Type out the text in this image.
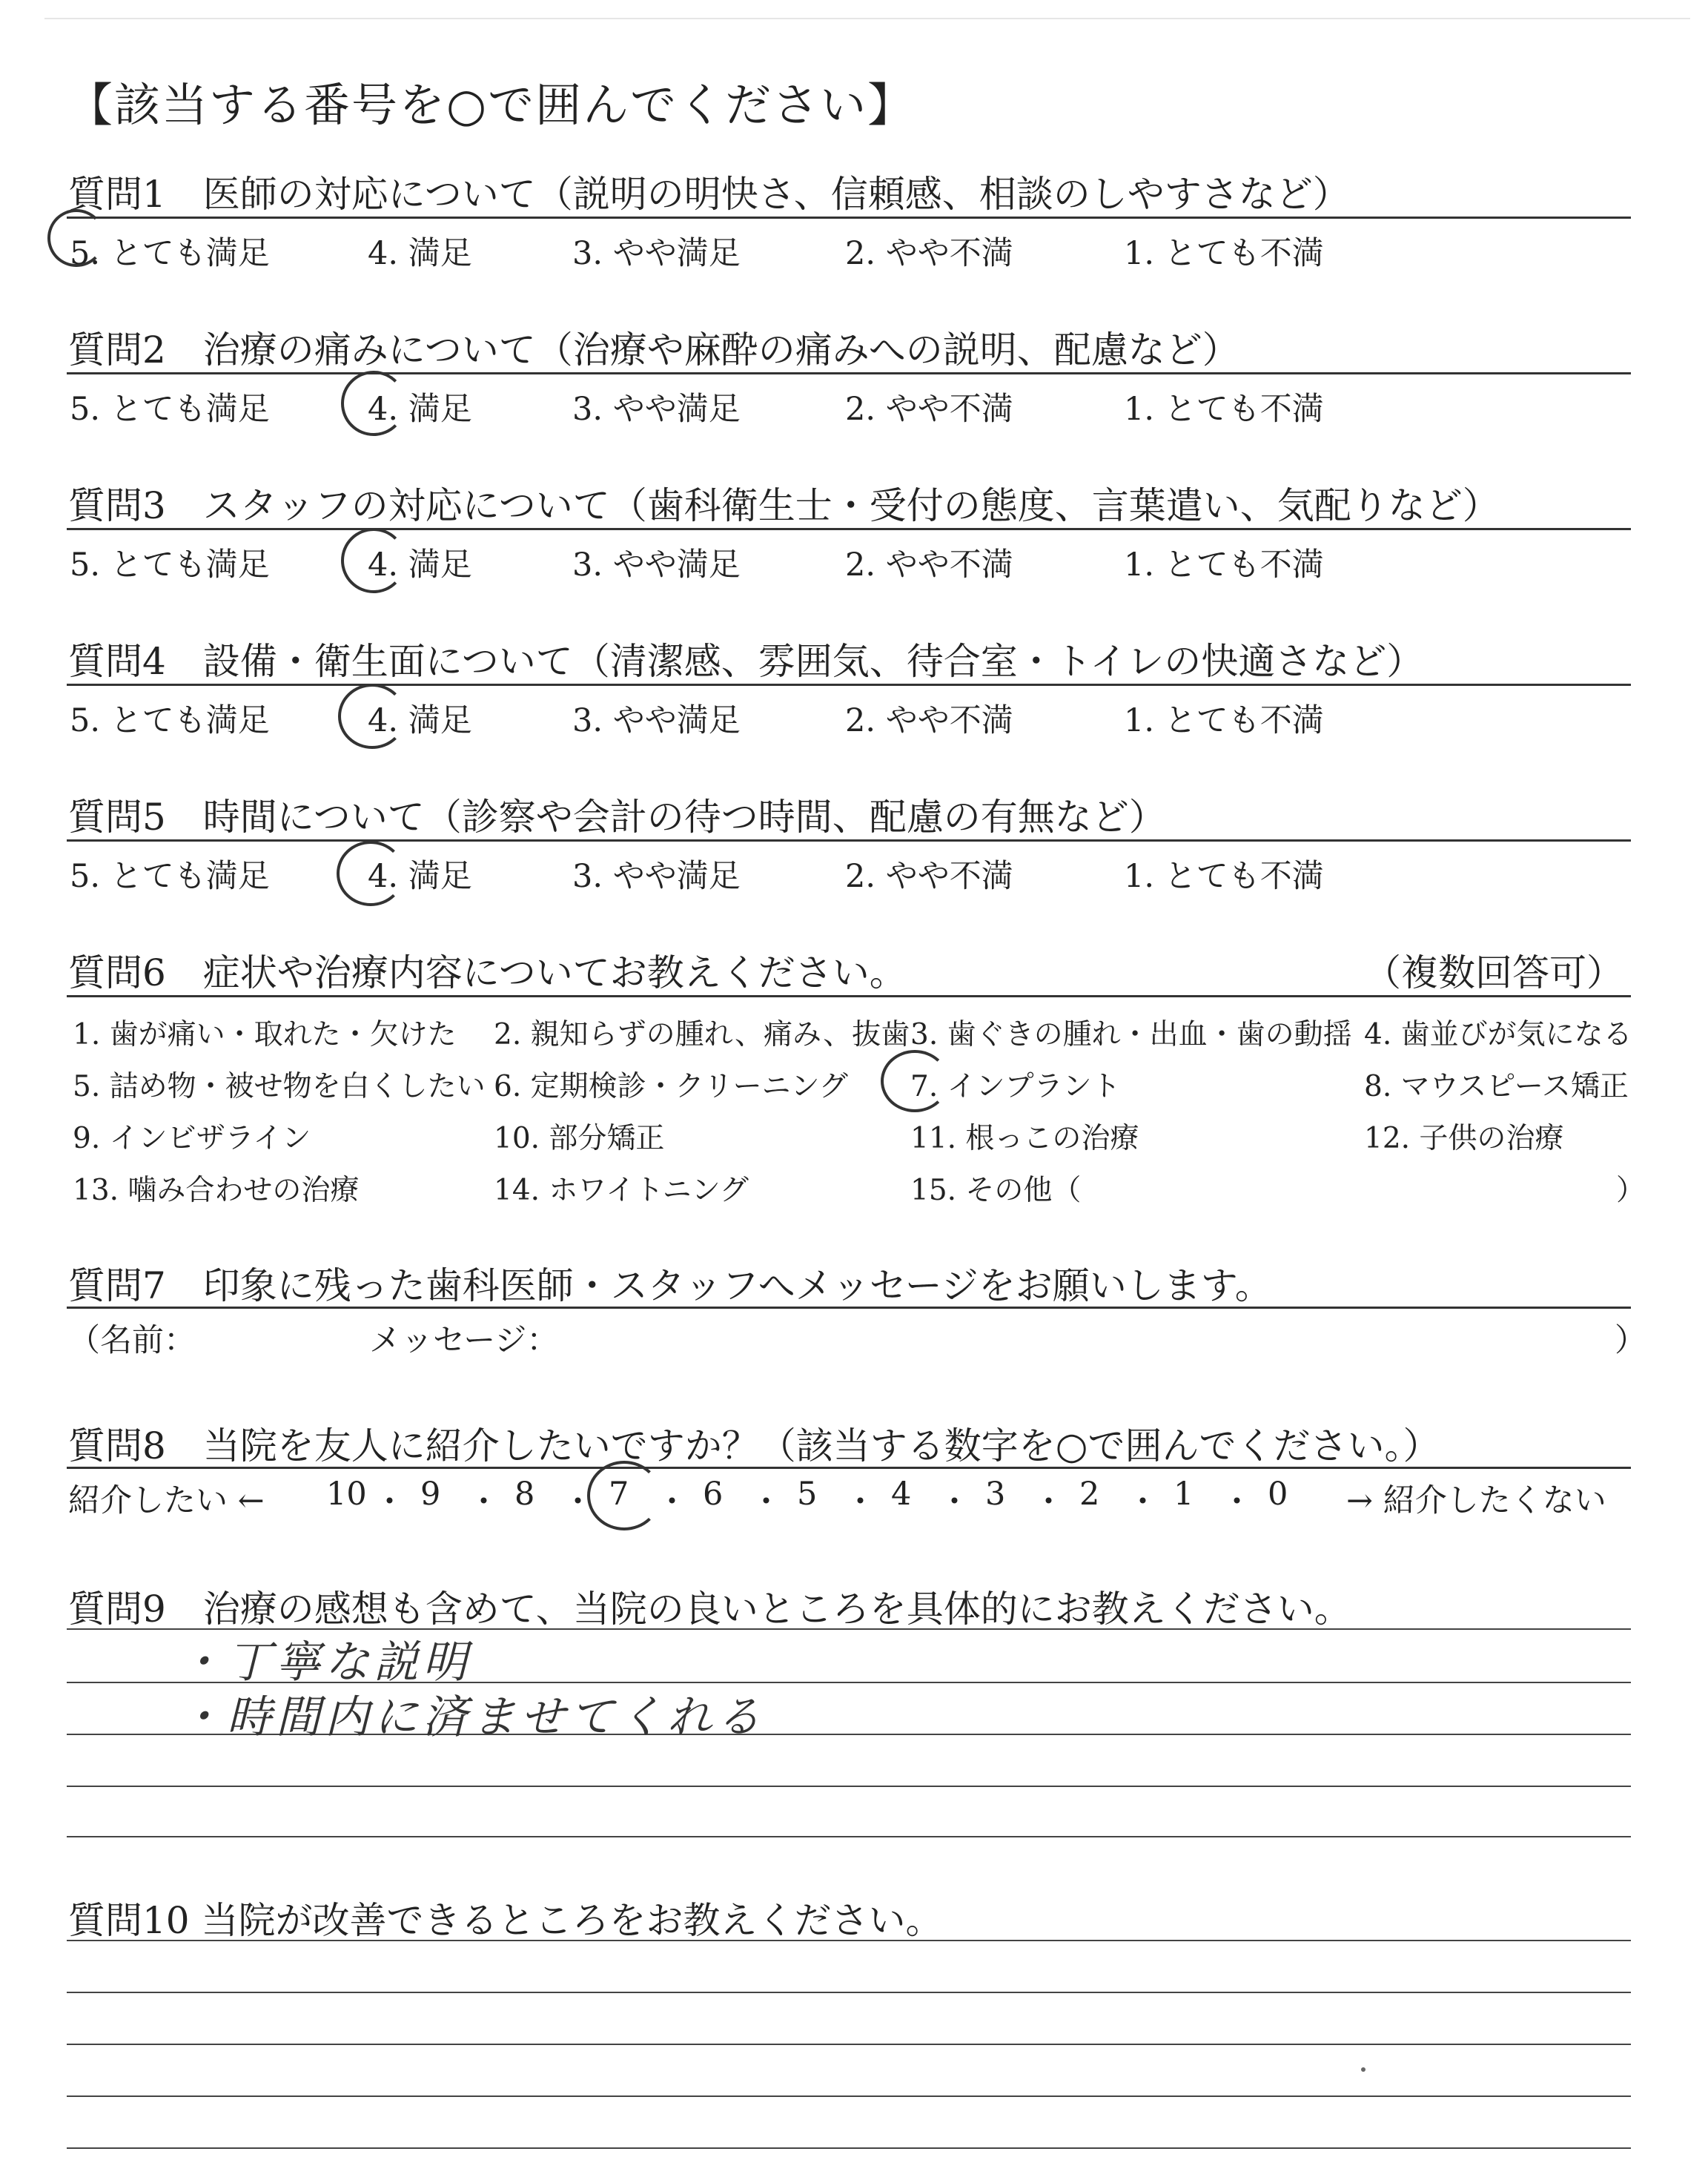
【該当する番号を○で囲んでください】
質問1　医師の対応について（説明の明快さ、信頼感、相談のしやすさなど）
5. とても満足	4. 満足	3. やや満足	2. やや不満	1. とても不満
質問2　治療の痛みについて（治療や麻酔の痛みへの説明、配慮など）
5. とても満足	4. 満足	3. やや満足	2. やや不満	1. とても不満
質問3　スタッフの対応について（歯科衛生士・受付の態度、言葉遣い、気配りなど）
5. とても満足	4. 満足	3. やや満足	2. やや不満	1. とても不満
質問4　設備・衛生面について（清潔感、雰囲気、待合室・トイレの快適さなど）
5. とても満足	4. 満足	3. やや満足	2. やや不満	1. とても不満
質問5　時間について（診察や会計の待つ時間、配慮の有無など）
5. とても満足	4. 満足	3. やや満足	2. やや不満	1. とても不満
質問6　症状や治療内容についてお教えください。	（複数回答可）
1. 歯が痛い・取れた・欠けた 2. 親知らずの腫れ、痛み、抜歯 3. 歯ぐきの腫れ・出血・歯の動揺 4. 歯並びが気になる
5. 詰め物・被せ物を白くしたい 6. 定期検診・クリーニング 7. インプラント	8. マウスピース矯正
9. インビザライン	10. 部分矯正	11. 根っこの治療	12. 子供の治療
13. 噛み合わせの治療	14. ホワイトニング	15. その他（	）
質問7　印象に残った歯科医師・スタッフへメッセージをお願いします。
（名前：	メッセージ：	）
質問8　当院を友人に紹介したいですか？（該当する数字を○で囲んでください。）
紹介したい ← 10 ・ 9 ・ 8 ・ 7 ・ 6 ・ 5 ・ 4 ・ 3 ・ 2 ・ 1 ・ 0 → 紹介したくない
質問9　治療の感想も含めて、当院の良いところを具体的にお教えください。
・丁寧な説明
・時間内に済ませてくれる
質問10 当院が改善できるところをお教えください。
